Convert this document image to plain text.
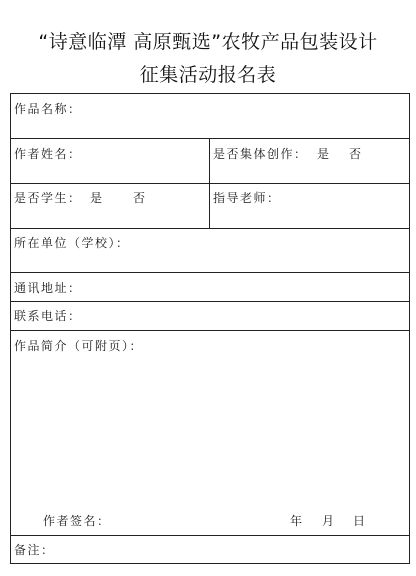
“诗意临潭 高原甄选”农牧产品包装设计
征集活动报名表
作品名称：
作者姓名：	是否集体创作： 是 否
是否学生： 是 否	指导老师：
所在单位（学校）：
通讯地址：
联系电话：
作品简介（可附页）：
作者签名：	年 月 日
备注：
